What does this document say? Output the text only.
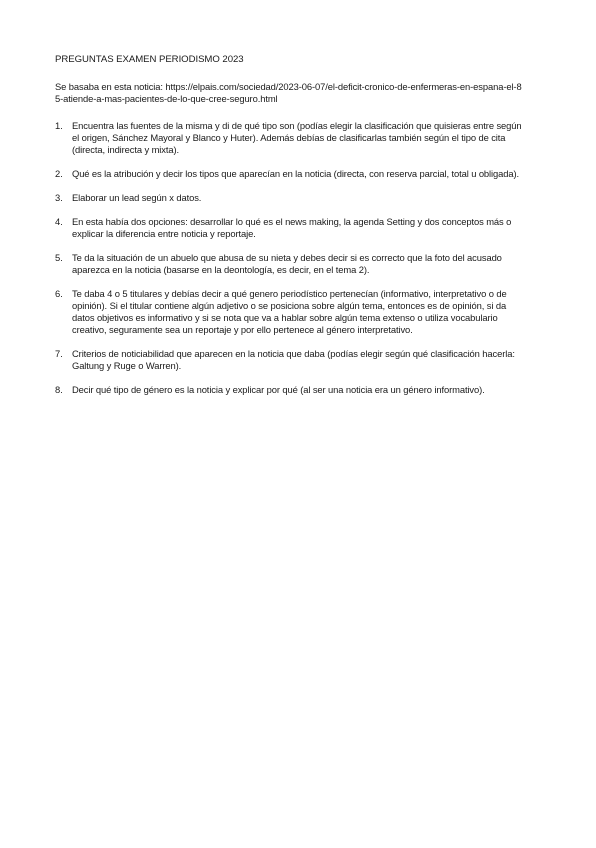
PREGUNTAS EXAMEN PERIODISMO 2023
Se basaba en esta noticia: https://elpais.com/sociedad/2023-06-07/el-deficit-cronico-de-enfermeras-en-espana-el-85-atiende-a-mas-pacientes-de-lo-que-cree-seguro.html
1. Encuentra las fuentes de la misma y di de qué tipo son (podías elegir la clasificación que quisieras entre según el origen, Sánchez Mayoral y Blanco y Huter). Además debías de clasificarlas también según el tipo de cita (directa, indirecta y mixta).
2. Qué es la atribución y decir los tipos que aparecían en la noticia (directa, con reserva parcial, total u obligada).
3. Elaborar un lead según x datos.
4. En esta había dos opciones: desarrollar lo qué es el news making, la agenda Setting y dos conceptos más o explicar la diferencia entre noticia y reportaje.
5. Te da la situación de un abuelo que abusa de su nieta y debes decir si es correcto que la foto del acusado aparezca en la noticia (basarse en la deontología, es decir, en el tema 2).
6. Te daba 4 o 5 titulares y debías decir a qué genero periodístico pertenecían (informativo, interpretativo o de opinión). Si el titular contiene algún adjetivo o se posiciona sobre algún tema, entonces es de opinión, si da datos objetivos es informativo y si se nota que va a hablar sobre algún tema extenso o utiliza vocabulario creativo, seguramente sea un reportaje y por ello pertenece al género interpretativo.
7. Criterios de noticiabilidad que aparecen en la noticia que daba (podías elegir según qué clasificación hacerla: Galtung y Ruge o Warren).
8. Decir qué tipo de género es la noticia y explicar por qué (al ser una noticia era un género informativo).
